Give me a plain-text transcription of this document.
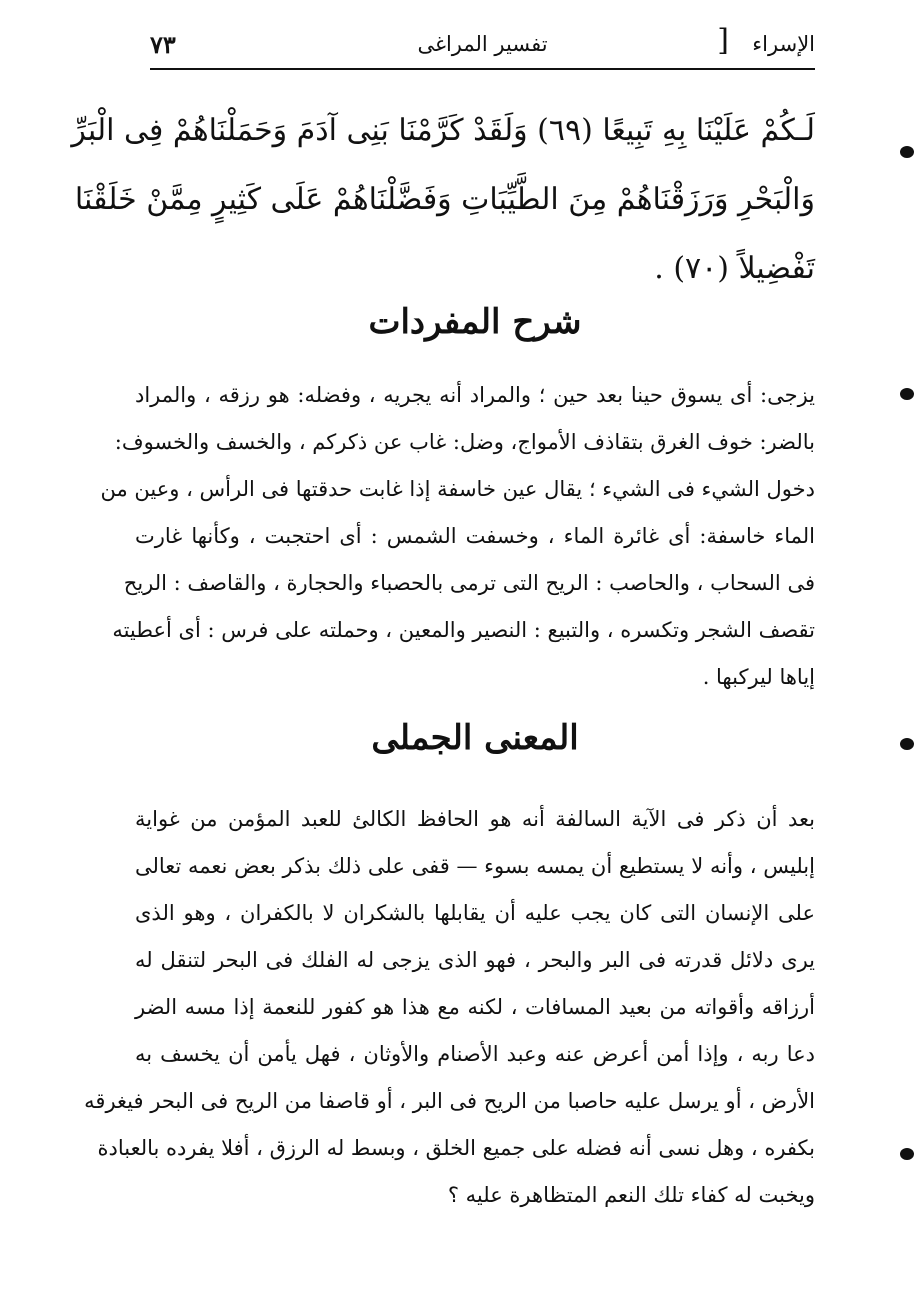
٧٣	تفسير المراغى	الإسراء
]
لَـكُمْ عَلَيْنَا بِهِ تَبِيعًا (٦٩) وَلَقَدْ كَرَّمْنَا بَنِى آدَمَ وَحَمَلْنَاهُمْ فِى الْبَرِّ
وَالْبَحْرِ وَرَزَقْنَاهُمْ مِنَ الطَّيِّبَاتِ وَفَضَّلْنَاهُمْ عَلَى كَثِيرٍ مِمَّنْ خَلَقْنَا
تَفْضِيلاً (٧٠) .
شرح المفردات
يزجى: أى يسوق حينا بعد حين ؛ والمراد أنه يجريه ، وفضله: هو رزقه ، والمراد
بالضر: خوف الغرق بتقاذف الأمواج، وضل: غاب عن ذكركم ، والخسف والخسوف:
دخول الشيء فى الشيء ؛ يقال عين خاسفة إذا غابت حدقتها فى الرأس ، وعين من
الماء خاسفة: أى غائرة الماء ، وخسفت الشمس : أى احتجبت ، وكأنها غارت
فى السحاب ، والحاصب : الريح التى ترمى بالحصباء والحجارة ، والقاصف : الريح
تقصف الشجر وتكسره ، والتبيع : النصير والمعين ، وحملته على فرس : أى أعطيته
إياها ليركبها .
المعنى الجملى
بعد أن ذكر فى الآية السالفة أنه هو الحافظ الكالئ للعبد المؤمن من غواية
إبليس ، وأنه لا يستطيع أن يمسه بسوء — قفى على ذلك بذكر بعض نعمه تعالى
على الإنسان التى كان يجب عليه أن يقابلها بالشكران لا بالكفران ، وهو الذى
يرى دلائل قدرته فى البر والبحر ، فهو الذى يزجى له الفلك فى البحر لتنقل له
أرزاقه وأقواته من بعيد المسافات ، لكنه مع هذا هو كفور للنعمة إذا مسه الضر
دعا ربه ، وإذا أمن أعرض عنه وعبد الأصنام والأوثان ، فهل يأمن أن يخسف به
الأرض ، أو يرسل عليه حاصبا من الريح فى البر ، أو قاصفا من الريح فى البحر فيغرقه
بكفره ، وهل نسى أنه فضله على جميع الخلق ، وبسط له الرزق ، أفلا يفرده بالعبادة
ويخبت له كفاء تلك النعم المتظاهرة عليه ؟
